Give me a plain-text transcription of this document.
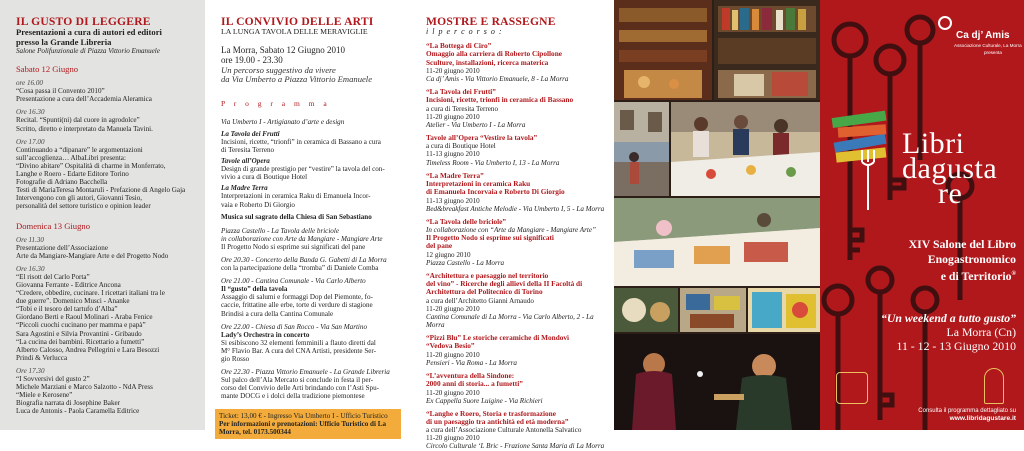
IL GUSTO DI LEGGERE
Presentazioni a cura di autori ed editori
presso la Grande Libreria
Salone Polifunzionale di Piazza Vittorio Emanuele
Sabato 12 Giugno
ore 16.00
“Cosa passa il Convento 2010”
Presentazione a cura dell’Accademia Aleramica
Ore 16.30
Recital. “Spunti(ni) dal cuore in agrodolce”
Scritto, diretto e interpretato da Manuela Tavini.
Ore 17.00
Continuando a “dipanare” le argomentazioni
sull’accoglienza… AlbaLibri presenta:
“Divino abitare” Ospitalità di charme in Monferrato,
Langhe e Roero - Edarte Editore Torino
Fotografie di Adriano Bacchella
Testi di MariaTeresa Montaruli - Prefazione di Angelo Gaja
Intervengono con gli autori, Giovanni Tesio,
personalità del settore turistico e opinion leader
Domenica 13 Giugno
Ore 11.30
Presentazione dell’Associazione
Arte da Mangiare-Mangiare Arte e del Progetto Nodo
Ore 16.30
“El risott del Carlo Porta”
Giovanna Ferrante - Editrice Ancona
“Credere, obbedire, cucinare. I ricettari italiani tra le
due guerre”. Domenico Musci - Ananke
“Tobi e il tesoro del tartufo d’Alba”
Giordano Berti e Raoul Molinari - Araba Fenice
“Piccoli cuochi cucinano per mamma e papà”
Sara Agostini e Silvia Provantini - Gribaudo
“La cucina dei bambini. Ricettario a fumetti”
Alberto Calosso, Andrea Pellegrini e Lara Besozzi
Prindi & Verlucca
Ore 17.30
“I Sovversivi del gusto 2”
Michele Marziani e Marco Salzotto - NdA Press
“Miele e Kerosene”
Biografia narrata di Josephine Baker
Luca de Antonis - Paola Caramella Editrice
IL CONVIVIO DELLE ARTI
LA LUNGA TAVOLA DELLE MERAVIGLIE
La Morra, Sabato 12 Giugno 2010
ore 19.00 - 23.30
Un percorso suggestivo da vivere
da Via Umberto a Piazza Vittorio Emanuele
P r o g r a m m a
Via Umberto I - Artigianato d’arte e design
La Tavola dei Frutti
Incisioni, ricette, “trionfi” in ceramica di Bassano a cura
di Teresita Terreno
Tavole all’Opera
Design di grande prestigio per “vestire” la tavola del con-
vivio a cura di Boutique Hotel
La Madre Terra
Interpretazioni in ceramica Raku di Emanuela Incor-
vaia e Roberto Di Giorgio
Musica sul sagrato della Chiesa di San Sebastiano
Piazza Castello - La Tavola delle briciole
in collaborazione con Arte da Mangiare - Mangiare Arte
Il Progetto Nodo si esprime sui significati del pane
Ore 20.30 - Concerto della Banda G. Gabetti di La Morra
con la partecipazione della “tromba” di Daniele Comba
Ore 21.00 - Cantina Comunale - Via Carlo Alberto
Il “gusto” della tavola
Assaggio di salumi e formaggi Dop del Piemonte, fo-
caccie, frittatine alle erbe, torte di verdure di stagione
Brindisi a cura della Cantina Comunale
Ore 22.00 - Chiesa di San Rocco - Via San Martino
Lady’s Orchestra in concerto
Si esibiscono 32 elementi femminili a flauto diretti dal
M° Flavio Bar. A cura del CNA Artisti, presidente Ser-
gio Rosso
Ore 22.30 - Piazza Vittorio Emanuele - La Grande Libreria
Sul palco dell’Ala Mercato si conclude in festa il per-
corso del Convivio delle Arti brindando con l’Asti Spu-
mante DOCG e i dolci della tradizione piemontese
Ticket: 13,00 € - Ingresso Via Umberto I - Ufficio Turistico
Per informazioni e prenotazioni: Ufficio Turistico di La
Morra, tel. 0173.500344
MOSTRE E RASSEGNE
i l p e r c o r s o :
“La Bottega di Ciro”
Omaggio alla carriera di Roberto Cipollone
Sculture, installazioni, ricerca materica
11-20 giugno 2010
Ca dj’ Amis - Via Vittorio Emanuele, 8 - La Morra
“La Tavola dei Frutti”
Incisioni, ricette, trionfi in ceramica di Bassano
a cura di Teresita Terreno
11-20 giugno 2010
Atelier - Via Umberto I - La Morra
Tavole all’Opera “Vestire la tavola”
a cura di Boutique Hotel
11-13 giugno 2010
Timeless Room - Via Umberto I, 13 - La Morra
“La Madre Terra”
Interpretazioni in ceramica Raku
di Emanuela Incorvaia e Roberto Di Giorgio
11-13 giugno 2010
Bed&breakfast Antiche Melodie - Via Umberto I, 5 - La Morra
“La Tavola delle briciole”
In collaborazione con “Arte da Mangiare - Mangiare Arte”
Il Progetto Nodo si esprime sui significati
del pane
12 giugno 2010
Piazza Castello - La Morra
“Architettura e paesaggio nel territorio
del vino” - Ricerche degli allievi della II Facoltà di
Architettura del Politecnico di Torino
a cura dell’Architetto Gianni Arnaudo
11-20 giugno 2010
Cantina Comunale di La Morra - Via Carlo Alberto, 2 - La Morra
“Pizzi Blu” Le storiche ceramiche di Mondovì
“Vedova Besio”
11-20 giugno 2010
Pensieri - Via Roma - La Morra
“L’avventura della Sindone:
2000 anni di storia... a fumetti”
11-20 giugno 2010
Ex Cappella Suore Luigine - Via Richieri
“Langhe e Roero, Storia e trasformazione
di un paesaggio tra antichità ed età moderna”
a cura dell’Associazione Culturale Antonella Salvatico
11-20 giugno 2010
Circolo Culturale ‘L Bric - Frazione Santa Maria di La Morra
Ca dj’ Amis
Associazione Culturale, La Morra
presenta
Libri
dagusta
re
XIV Salone del Libro
Enogastronomico
e di Territorio®
“Un weekend a tutto gusto”
La Morra (Cn)
11 - 12 - 13 Giugno 2010
Consulta il programma dettagliato su
www.libridagustare.it
